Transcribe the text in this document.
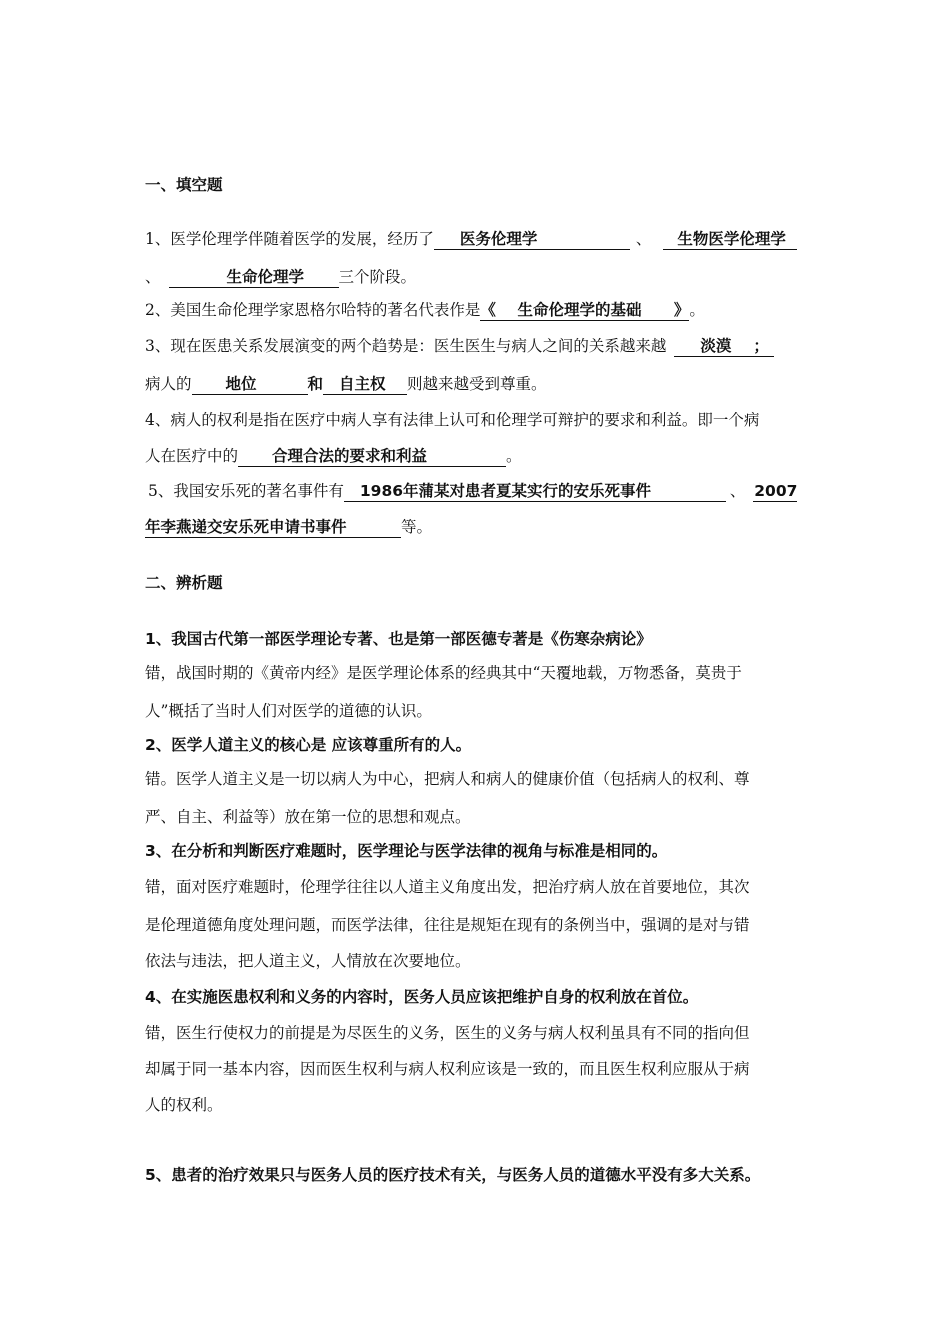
一、填空题
1、医学伦理学伴随着医学的发展，经历了 医务伦理学	、 生物医学伦理学
、	生命伦理学 三个阶段。
2、美国生命伦理学家恩格尔哈特的著名代表作是《    生命伦理学的基础      》。
3、现在医患关系发展演变的两个趋势是：医生医生与病人之间的关系越来越 淡漠 ；
病人的 地位	和 自主权 则越来越受到尊重。
4、病人的权利是指在医疗中病人享有法律上认可和伦理学可辩护的要求和利益。即一个病
人在医疗中的 合理合法的要求和利益	。
5、我国安乐死的著名事件有 1986年蒲某对患者夏某实行的安乐死事件	、 2007
年李燕递交安乐死申请书事件	等。
二、辨析题
1、我国古代第一部医学理论专著、也是第一部医德专著是《伤寒杂病论》
错，战国时期的《黄帝内经》是医学理论体系的经典其中“天覆地载，万物悉备，莫贵于
人”概括了当时人们对医学的道德的认识。
2、医学人道主义的核心是 应该尊重所有的人。
错。医学人道主义是一切以病人为中心，把病人和病人的健康价值（包括病人的权利、尊
严、自主、利益等）放在第一位的思想和观点。
3、在分析和判断医疗难题时，医学理论与医学法律的视角与标准是相同的。
错，面对医疗难题时，伦理学往往以人道主义角度出发，把治疗病人放在首要地位，其次
是伦理道德角度处理问题，而医学法律，往往是规矩在现有的条例当中，强调的是对与错
依法与违法，把人道主义，人情放在次要地位。
4、在实施医患权利和义务的内容时，医务人员应该把维护自身的权利放在首位。
错，医生行使权力的前提是为尽医生的义务，医生的义务与病人权利虽具有不同的指向但
却属于同一基本内容，因而医生权利与病人权利应该是一致的，而且医生权利应服从于病
人的权利。
5、患者的治疗效果只与医务人员的医疗技术有关，与医务人员的道德水平没有多大关系。
